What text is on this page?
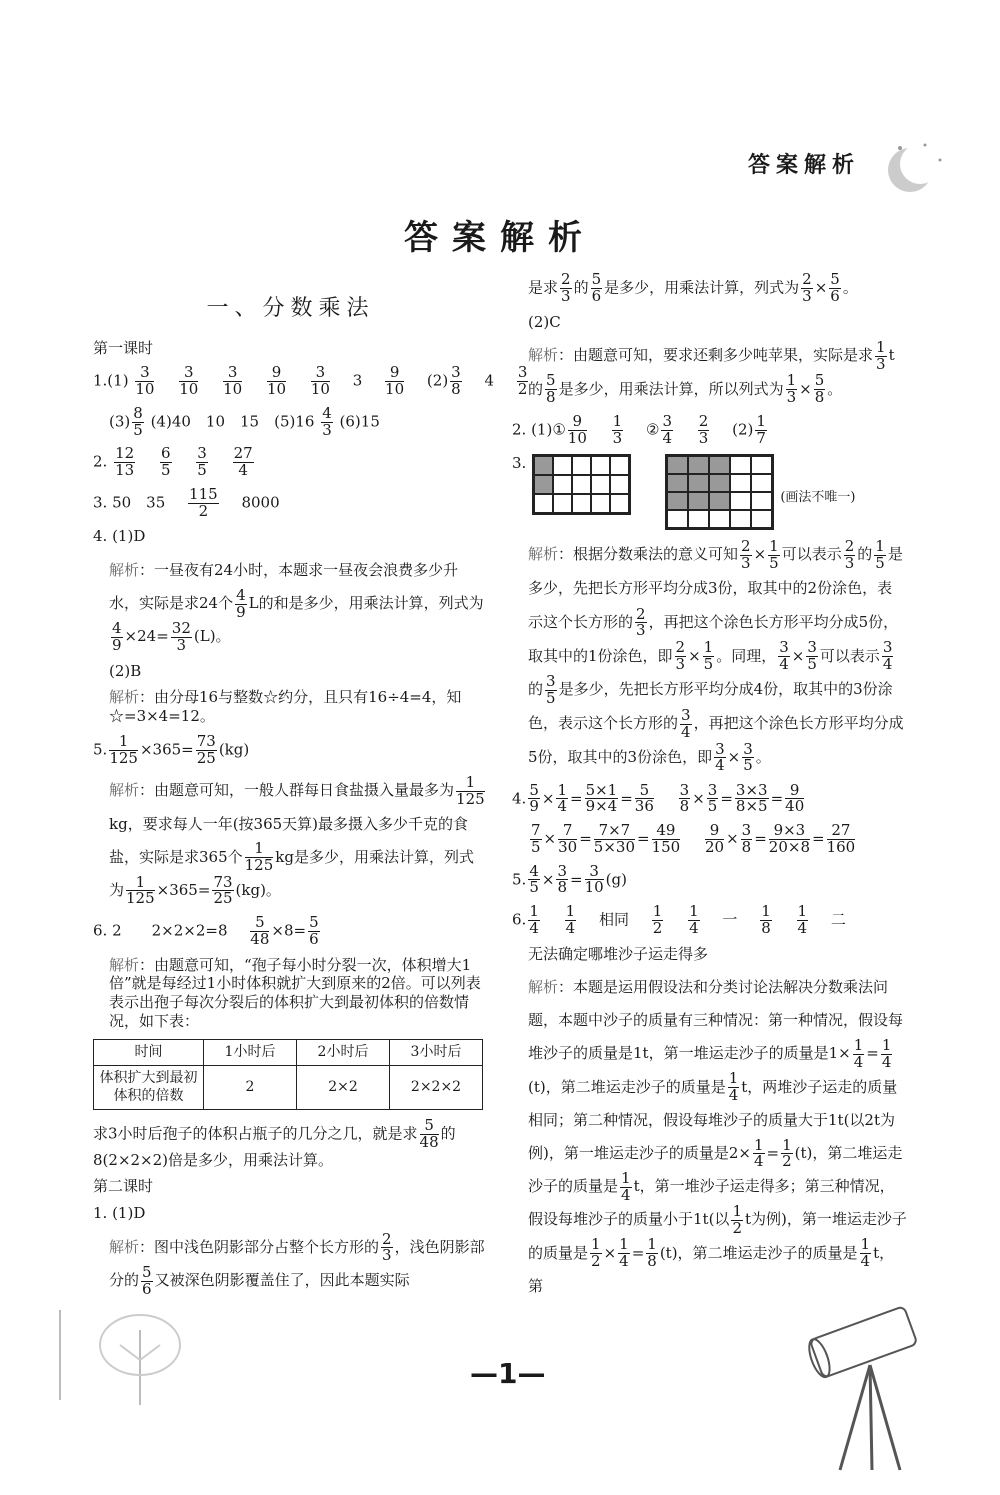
答案解析
答案解析
一、分数乘法
第一课时
$1.(1) \frac{3}{10}$
$\frac{3}{10}$
$\frac{3}{10}$
$\frac{9}{10}$
$\frac{3}{10} 3 \frac{9}{10} (2) \frac{3}{8} 4 \frac{3}{2}$
$(3) \frac{8}{5} (4)40$　10　15　$(5)16 \frac{4}{3} (6)15$
2. $\frac{12}{13}$
$\frac{6}{5}$
$\frac{3}{5}$
$\frac{27}{4}$
3. 50　$35 \frac{115}{2} 8000$
4. (1)D
解析：一昼夜有24小时，本题求一昼夜会浪费多少升水，实际是求24个 $\frac{4}{9}$ L的和是多少，用乘法计算，列式为
$\frac{4}{9} \times 24= \frac{32}{3} (L)$。
(2)B
解析：由分母16与整数☆约分，且只有16÷4=4，知☆=3×4=12。
5. $\frac{1}{125} \times 365= \frac{73}{25} (kg)$
解析：由题意可知，一般人群每日食盐摄入量最多为 $\frac{1}{125}$
kg，要求每人一年(按365天算)最多摄入多少千克的食盐，实际是求365个 $\frac{1}{125}$ kg是多少，用乘法计算，列式为 $\frac{1}{125} \times 365= \frac{73}{25} (kg)$。
6. 2　　$2\times 2\times 2=8 \frac{5}{48} \times 8= \frac{5}{6}$
解析：由题意可知，“孢子每小时分裂一次，体积增大1倍”就是每经过1小时体积就扩大到原来的2倍。可以列表表示出孢子每次分裂后的体积扩大到最初体积的倍数情况，如下表：
时间	1小时后	2小时后	3小时后
体积扩大到最初体积的倍数	2	2×2	2×2×2
求3小时后孢子的体积占瓶子的几分之几，就是求 $\frac{5}{48}$ 的8(2×2×2)倍是多少，用乘法计算。
第二课时
1. (1)D
解析：图中浅色阴影部分占整个长方形的 $\frac{2}{3}$ ，浅色阴影部分的 $\frac{5}{6}$ 又被深色阴影覆盖住了，因此本题实际
是求 $\frac{2}{3}$ 的 $\frac{5}{6}$ 是多少，用乘法计算，列式为 $\frac{2}{3} \times \frac{5}{6}$ 。
(2)C
解析：由题意可知，要求还剩多少吨苹果，实际是求 $\frac{1}{3}$ t的 $\frac{5}{8}$ 是多少，用乘法计算，所以列式为 $\frac{1}{3} \times \frac{5}{8}$ 。
2. (1)① $\frac{9}{10}$
$\frac{1}{3}$ ② $\frac{3}{4}$
$\frac{2}{3} (2) \frac{1}{7}$
3.
(画法不唯一)
解析：根据分数乘法的意义可知 $\frac{2}{3} \times \frac{1}{5}$ 可以表示 $\frac{2}{3}$ 的 $\frac{1}{5}$ 是多少，先把长方形平均分成3份，取其中的2份涂色，表示这个长方形的 $\frac{2}{3}$ ，再把这个涂色长方形平均分成5份，取其中的1份涂色，即 $\frac{2}{3} \times \frac{1}{5}$ 。同理， $\frac{3}{4} \times \frac{3}{5}$ 可以表示 $\frac{3}{4}$
的 $\frac{3}{5}$ 是多少，先把长方形平均分成4份，取其中的3份涂色，表示这个长方形的 $\frac{3}{4}$ ，再把这个涂色长方形平均分成5份，取其中的3份涂色，即 $\frac{3}{4} \times \frac{3}{5}$ 。
4. $\frac{5}{9} \times \frac{1}{4} = \frac{5\times 1}{9\times 4} = \frac{5}{36}$
$\frac{3}{8} \times \frac{3}{5} = \frac{3\times 3}{8\times 5} = \frac{9}{40}$
$\frac{7}{5} \times \frac{7}{30} = \frac{7\times 7}{5\times 30} = \frac{49}{150}$
$\frac{9}{20} \times \frac{3}{8} = \frac{9\times 3}{20\times 8} = \frac{27}{160}$
5. $\frac{4}{5} \times \frac{3}{8} = \frac{3}{10} (g)$
6. $\frac{1}{4}$
$\frac{1}{4}$ 相同 $\frac{1}{2}$
$\frac{1}{4}$ 一 $\frac{1}{8}$
$\frac{1}{4}$ 二
无法确定哪堆沙子运走得多
解析：本题是运用假设法和分类讨论法解决分数乘法问题，本题中沙子的质量有三种情况：第一种情况，假设每堆沙子的质量是1t，第一堆运走沙子的质量是$1\times \frac{1}{4} = \frac{1}{4}$
(t)，第二堆运走沙子的质量是 $\frac{1}{4}$ t，两堆沙子运走的质量相同；第二种情况，假设每堆沙子的质量大于1t(以2t为例)，第一堆运走沙子的质量是$2\times \frac{1}{4} = \frac{1}{2} (t)$，第二堆运走沙子的质量是 $\frac{1}{4}$ t，第一堆沙子运走得多；第三种情况，假设每堆沙子的质量小于1t(以 $\frac{1}{2}$ t为例)，第一堆运走沙子的质量是 $\frac{1}{2} \times \frac{1}{4} = \frac{1}{8} (t)$，第二堆运走沙子的质量是 $\frac{1}{4}$ t，第
—1—
